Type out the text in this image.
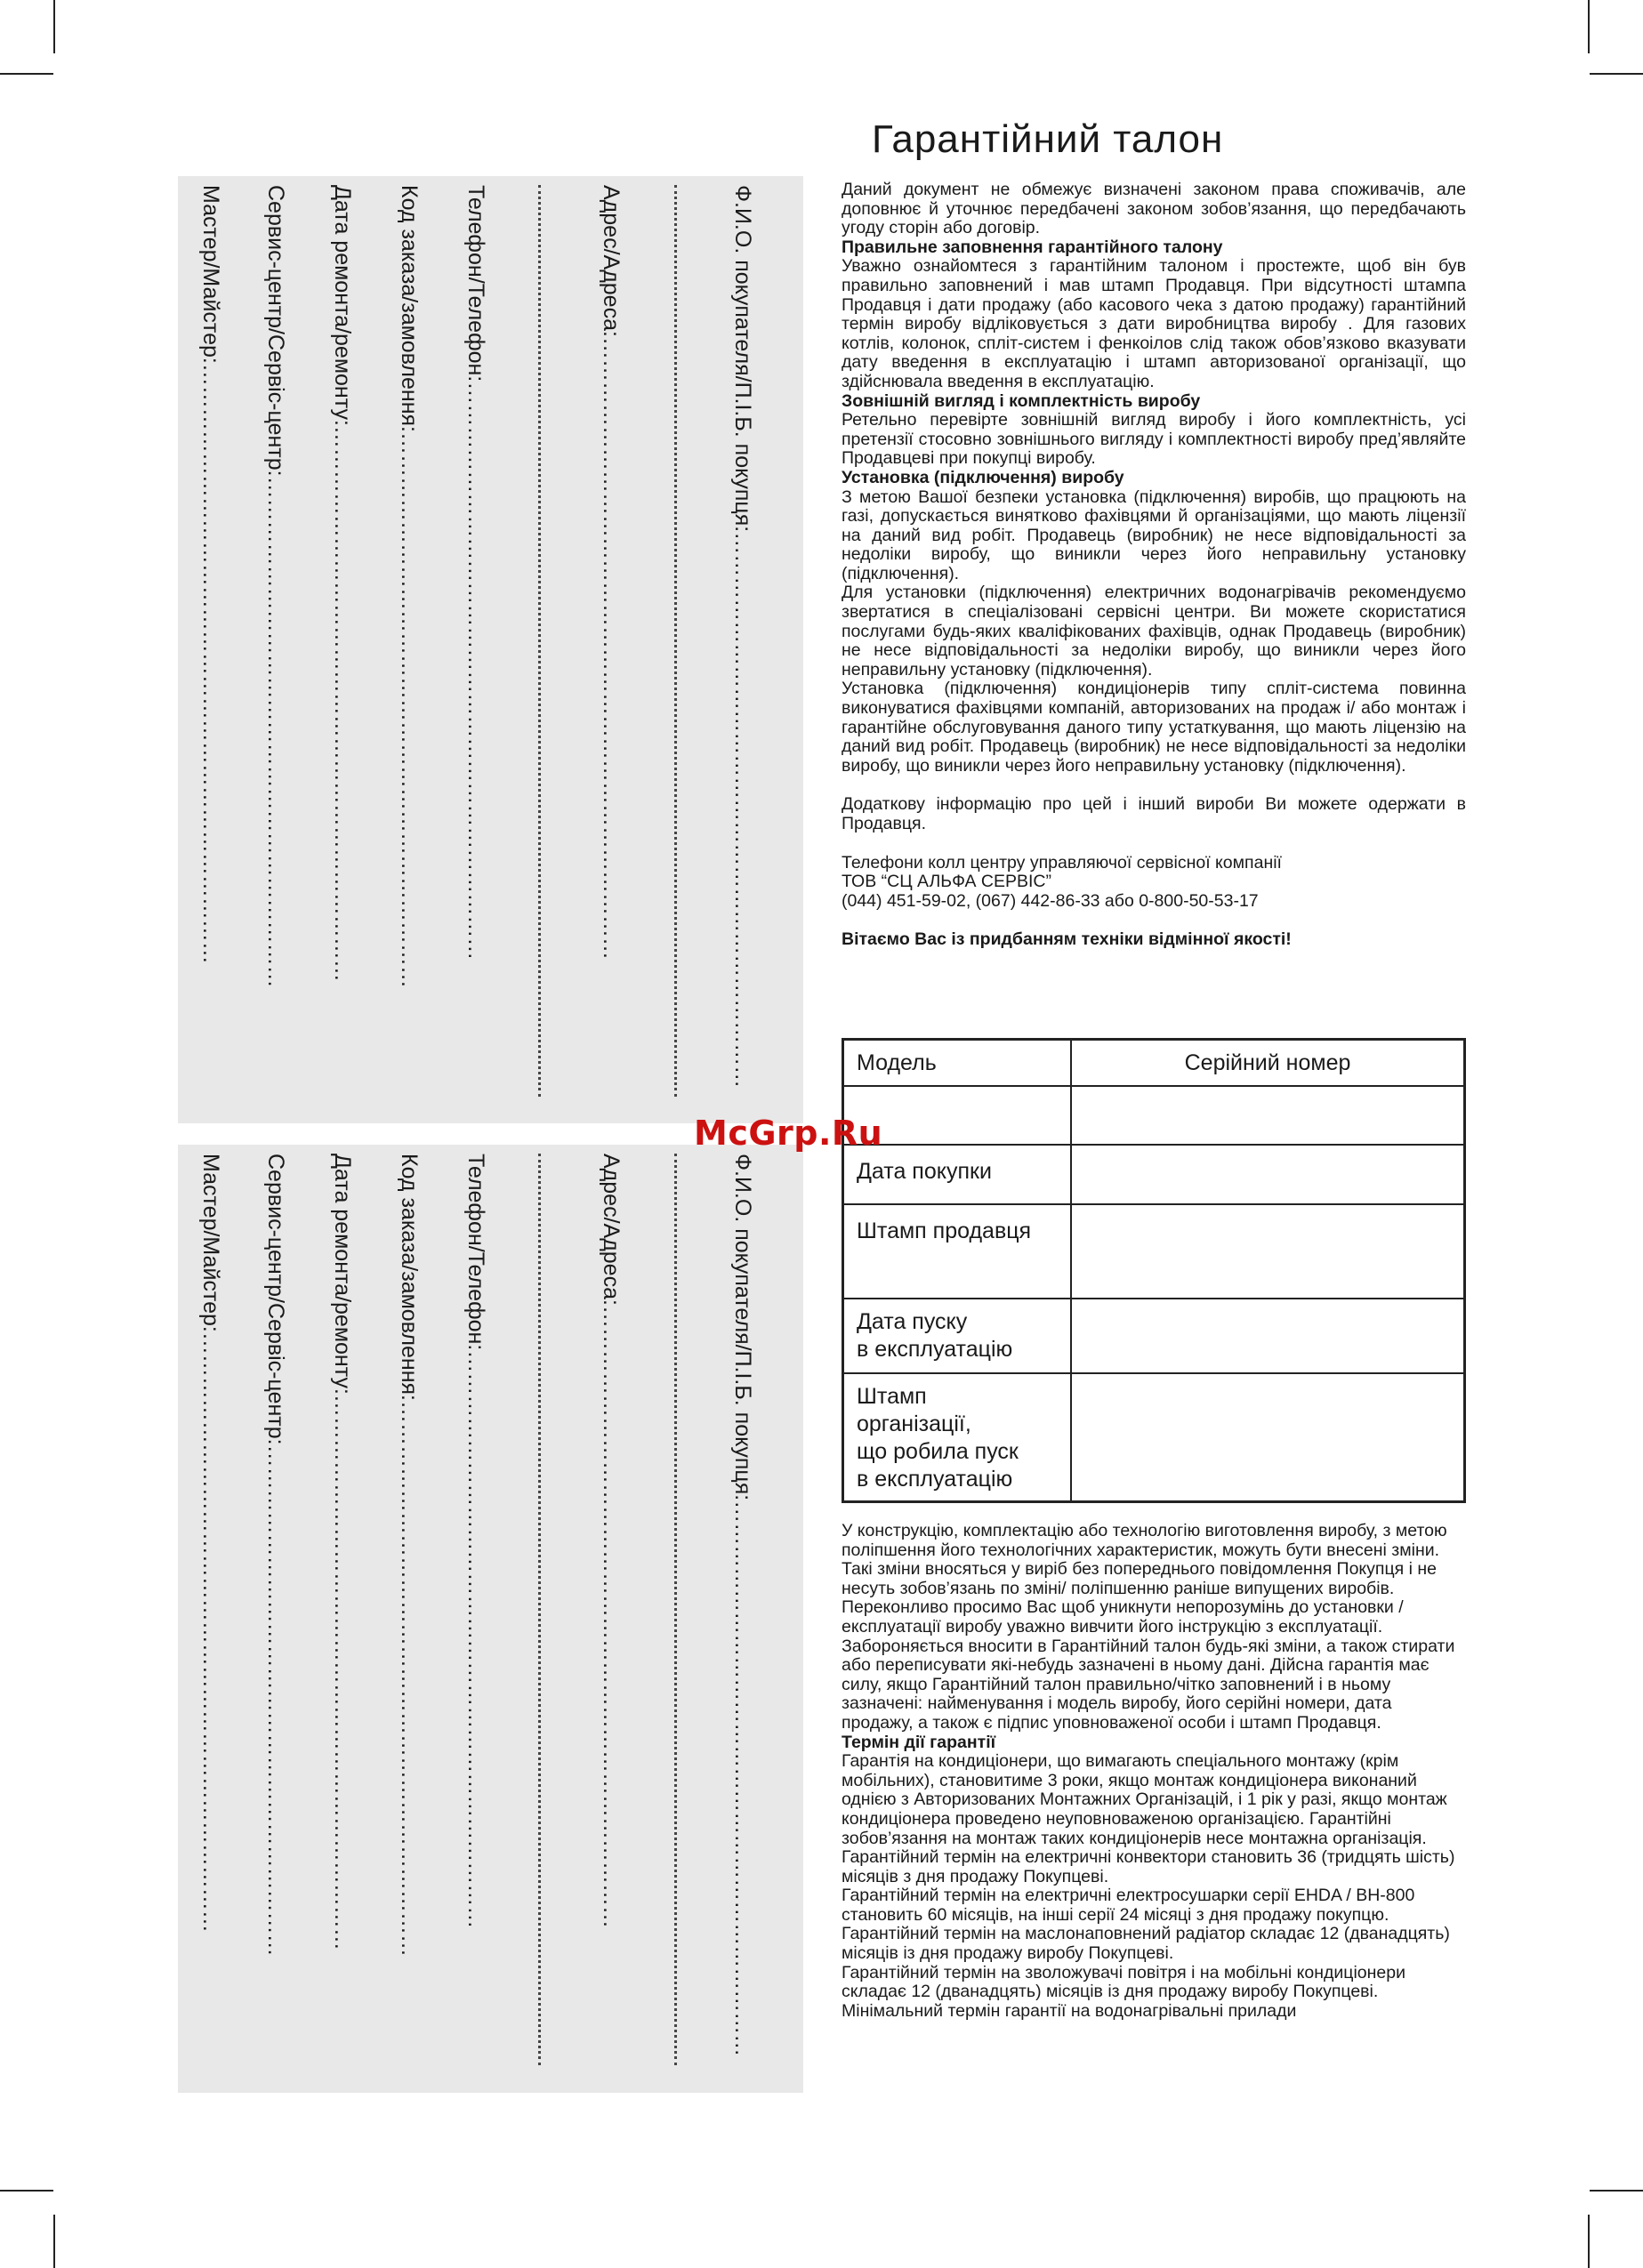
Гарантійний талон

Даний документ не обмежує визначені законом права споживачів, але доповнює й уточнює передбачені законом зобов’язання, що передбачають угоду сторін або договір.

Правильне заповнення гарантійного талону

Уважно ознайомтеся з гарантійним талоном і простежте, щоб він був правильно заповнений і мав штамп Продавця. При відсутності штампа Продавця і дати продажу (або касового чека з датою продажу) гарантійний термін виробу відліковується з дати виробництва виробу . Для газових котлів, колонок, спліт-систем і фенкоілов слід також обов’язково вказувати дату введення в експлуатацію і штамп авторизованої організації, що здійснювала введення в експлуатацію.

Зовнішній вигляд і комплектність виробу

Ретельно перевірте зовнішній вигляд виробу і його комплектність, усі претензії стосовно зовнішнього вигляду і комплектності виробу пред’являйте Продавцеві при покупці виробу.

Установка (підключення) виробу

З метою Вашої безпеки установка (підключення) виробів, що працюють на газі, допускається винятково фахівцями й організаціями, що мають ліцензії на даний вид робіт. Продавець (виробник) не несе відповідальності за недоліки виробу, що виникли через його неправильну установку (підключення).

Для установки (підключення) електричних водонагрівачів рекомендуємо звертатися в спеціалізовані сервісні центри. Ви можете скористатися послугами будь-яких кваліфікованих фахівців, однак Продавець (виробник) не несе відповідальності за недоліки виробу, що виникли через його неправильну установку (підключення).

Установка (підключення) кондиціонерів типу спліт-система повинна виконуватися фахівцями компаній, авторизованих на продаж і/ або монтаж і гарантійне обслуговування даного типу устаткування, що мають ліцензію на даний вид робіт. Продавець (виробник) не несе відповідальності за недоліки виробу, що виникли через його неправильну установку (підключення).

Додаткову інформацію про цей і інший вироби Ви можете одержати в Продавця.

Телефони колл центру управляючої сервісної компанії

ТОВ “СЦ АЛЬФА СЕРВІС”

(044) 451-59-02, (067) 442-86-33 або 0-800-50-53-17

Вітаємо Вас із придбанням техніки відмінної якості!

Модель	Серійний номер
Дата покупки
Штамп продавця
Дата пуску
в експлуатацію
Штамп
організації,
що робила пуск
в експлуатацію

У конструкцію, комплектацію або технологію виготовлення виробу, з метою поліпшення його технологічних характеристик, можуть бути внесені зміни. Такі зміни вносяться у виріб без попереднього повідомлення Покупця і не несуть зобов’язань по зміні/ поліпшенню раніше випущених виробів.

Переконливо просимо Вас щоб уникнути непорозумінь до установки /експлуатації виробу уважно вивчити його інструкцію з експлуатації. Забороняється вносити в Гарантійний талон будь-які зміни, а також стирати або переписувати які-небудь зазначені в ньому дані. Дійсна гарантія має силу, якщо Гарантійний талон правильно/чітко заповнений і в ньому зазначені: найменування і модель виробу, його серійні номери, дата продажу, а також є підпис уповноваженої особи і штамп Продавця.

Термін дії гарантії

Гарантія на кондиціонери, що вимагають спеціального монтажу (крім мобільних), становитиме 3 роки, якщо монтаж кондиціонера виконаний однією з Авторизованих Монтажних Організацій, і 1 рік у разі, якщо монтаж кондиціонера проведено неуповноваженою організацією. Гарантійні зобов’язання на монтаж таких кондиціонерів несе монтажна організація.

Гарантійний термін на електричні конвектори становить 36 (тридцять шість) місяців з дня продажу Покупцеві.

Гарантійний термін на електричні електросушарки серії EHDA / BH-800 становить 60 місяців, на інші серії 24 місяці з дня продажу покупцю.

Гарантійний термін на маслонаповнений радіатор складає 12 (дванадцять) місяців із дня продажу виробу Покупцеві.

Гарантійний термін на зволожувачі повітря і на мобільні кондиціонери складає 12 (дванадцять) місяців із дня продажу виробу Покупцеві.

Мінімальний термін гарантії на водонагрівальні прилади

Ф.И.О. покупателя/П.І.Б. покупця:…………………………………………………………………
Адрес/Адреса:…………………………………………………………………………
Телефон/Телефон:……………………………………………………………………
Код заказа/замовлення:…………………………………………………………………
Дата ремонта/ремонту:…………………………………………………………………
Сервис-центр/Сервіс-центр:……………………………………………………………
Мастер/Майстер:………………………………………………………………………
Ф.И.О. покупателя/П.І.Б. покупця:…………………………………………………………………
Адрес/Адреса:…………………………………………………………………………
Телефон/Телефон:……………………………………………………………………
Код заказа/замовлення:…………………………………………………………………
Дата ремонта/ремонту:…………………………………………………………………
Сервис-центр/Сервіс-центр:……………………………………………………………
Мастер/Майстер:………………………………………………………………………
McGrp.Ru
